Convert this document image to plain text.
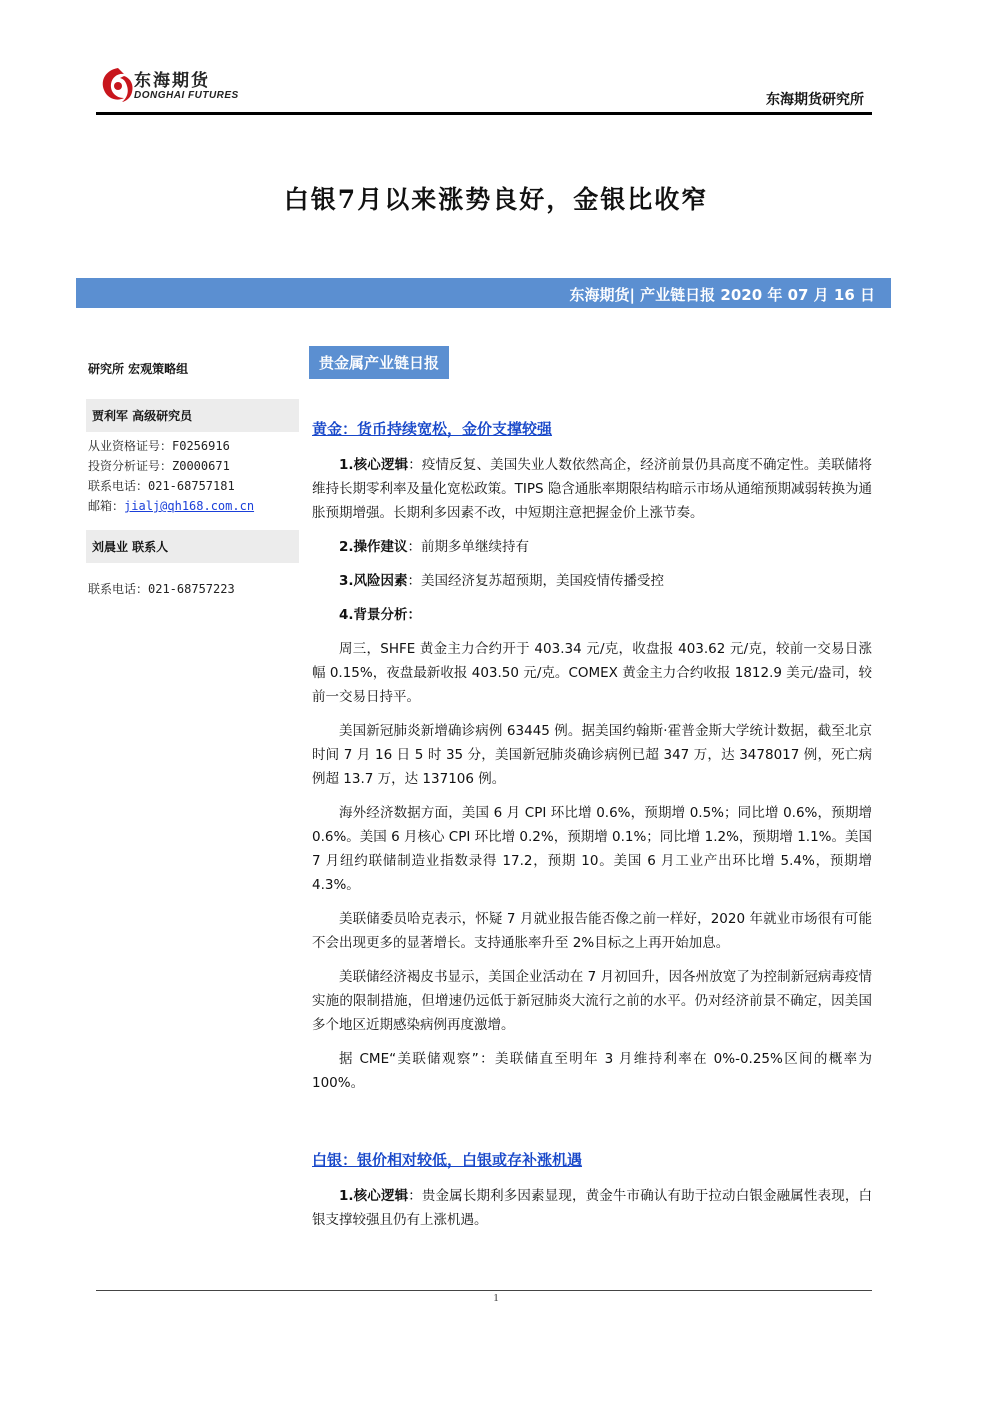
东海期货
DONGHAI FUTURES	东海期货研究所
白银7月以来涨势良好，金银比收窄
东海期货| 产业链日报 2020 年 07 月 16 日
研究所 宏观策略组
贾利军 高级研究员
从业资格证号：F0256916
投资分析证号：Z0000671
联系电话：021-68757181
邮箱：jialj@qh168.com.cn
刘晨业 联系人
联系电话：021-68757223
贵金属产业链日报
黄金：货币持续宽松，金价支撑较强

1.核心逻辑：疫情反复、美国失业人数依然高企，经济前景仍具高度不确定性。美联储将维持长期零利率及量化宽松政策。TIPS 隐含通胀率期限结构暗示市场从通缩预期减弱转换为通胀预期增强。长期利多因素不改，中短期注意把握金价上涨节奏。

2.操作建议：前期多单继续持有

3.风险因素：美国经济复苏超预期，美国疫情传播受控

4.背景分析：

周三，SHFE 黄金主力合约开于 403.34 元/克，收盘报 403.62 元/克，较前一交易日涨幅 0.15%，夜盘最新收报 403.50 元/克。COMEX 黄金主力合约收报 1812.9 美元/盎司，较前一交易日持平。

美国新冠肺炎新增确诊病例 63445 例。据美国约翰斯·霍普金斯大学统计数据，截至北京时间 7 月 16 日 5 时 35 分，美国新冠肺炎确诊病例已超 347 万，达 3478017 例，死亡病例超 13.7 万，达 137106 例。

海外经济数据方面，美国 6 月 CPI 环比增 0.6%，预期增 0.5%；同比增 0.6%，预期增 0.6%。美国 6 月核心 CPI 环比增 0.2%，预期增 0.1%；同比增 1.2%，预期增 1.1%。美国 7 月纽约联储制造业指数录得 17.2，预期 10。美国 6 月工业产出环比增 5.4%，预期增 4.3%。

美联储委员哈克表示，怀疑 7 月就业报告能否像之前一样好，2020 年就业市场很有可能不会出现更多的显著增长。支持通胀率升至 2%目标之上再开始加息。

美联储经济褐皮书显示，美国企业活动在 7 月初回升，因各州放宽了为控制新冠病毒疫情实施的限制措施，但增速仍远低于新冠肺炎大流行之前的水平。仍对经济前景不确定，因美国多个地区近期感染病例再度激增。

据 CME“美联储观察”：美联储直至明年 3 月维持利率在 0%-0.25%区间的概率为 100%。

白银：银价相对较低，白银或存补涨机遇

1.核心逻辑：贵金属长期利多因素显现，黄金牛市确认有助于拉动白银金融属性表现，白银支撑较强且仍有上涨机遇。

1
